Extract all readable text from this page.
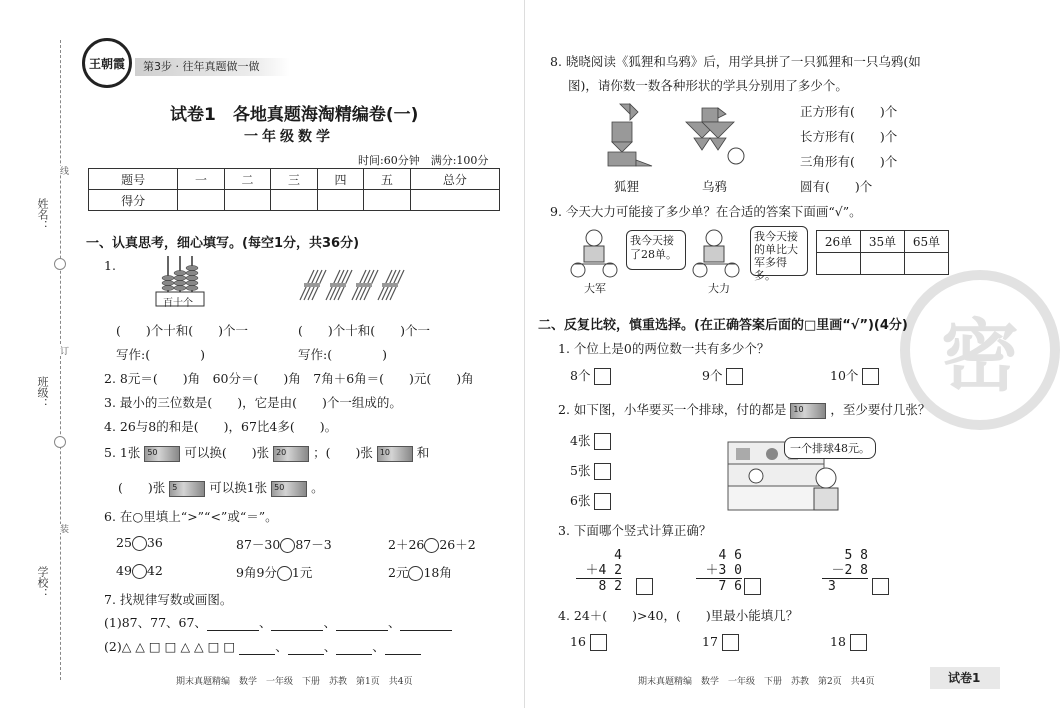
姓名：
班级：
学校：
线
订
装
王朝霞	第3步 · 往年真题做一做
试卷1　各地真题海淘精编卷(一)
一年级数学
时间:60分钟　满分:100分
题号	一	二	三	四	五	总分
得分						
一、认真思考，细心填写。(每空1分，共36分)
1.
百十个
(　　)个十和(　　)个一	(　　)个十和(　　)个一
写作:(　　　　)	写作:(　　　　)
2. 8元＝(　　)角　60分＝(　　)角　7角＋6角＝(　　)元(　　)角
3. 最小的三位数是(　　)，它是由(　　)个一组成的。
4. 26与8的和是(　　)，67比4多(　　)。
5. 1张 50 可以换(　　)张 20 ；(　　)张 10 和
(　　)张 5	可以换1张 50 。
6. 在○里填上“>”“<”或“＝”。
25 36	87－30 87－3	2＋26 26＋2
49 42	9角9分 1元	2元 18角
7. 找规律写数或画图。
(1)87、77、67、	、	、	、
(2)△ △ □ □ △ △ □ □	、	、	、
期末真题精编　数学　一年级　下册　苏教　第1页　共4页
密
8. 晓晓阅读《狐狸和乌鸦》后，用学具拼了一只狐狸和一只乌鸦(如
图)，请你数一数各种形状的学具分别用了多少个。
狐狸	乌鸦
正方形有(　　)个
长方形有(　　)个
三角形有(　　)个
圆有(　　)个
9. 今天大力可能接了多少单？在合适的答案下面画“√”。
我今天接了28单。
大军
我今天接的单比大军多得多。
大力
26单	35单	65单

二、反复比较，慎重选择。(在正确答案后面的□里画“√”)(4分)
1. 个位上是0的两位数一共有多少个？
8个	9个	10个
2. 如下图，小华要买一个排球，付的都是 10 ，至少要付几张？
4张
5张
6张
一个排球48元。
3. 下面哪个竖式计算正确？
4
＋4 2
8 2
4 6
＋3 0
7 6
5 8
－2 8
3
4. 24＋(　　)>40，(　　)里最小能填几？
16	17	18
期末真题精编　数学　一年级　下册　苏教　第2页　共4页	试卷1
